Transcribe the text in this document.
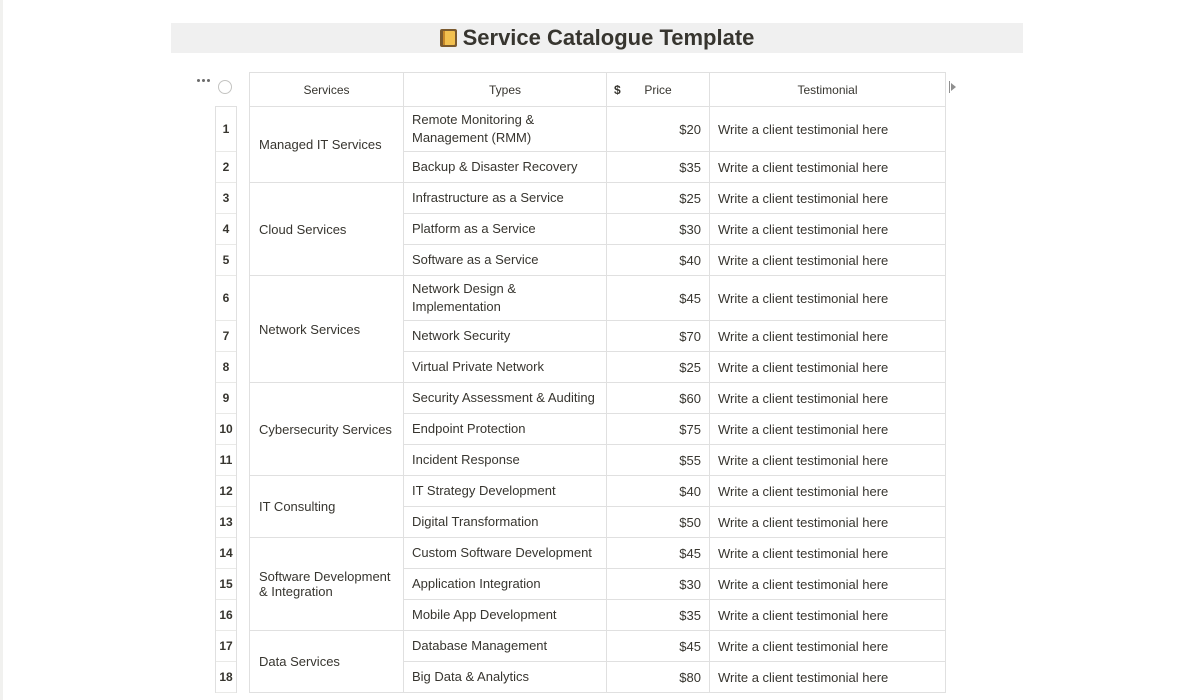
Service Catalogue Template
1
2
3
4
5
6
7
8
9
10
11
12
13
14
15
16
17
18
Services	Types	$ Price	Testimonial
Managed IT Services	Remote Monitoring & Management (RMM)	$20	Write a client testimonial here
	Backup & Disaster Recovery	$35	Write a client testimonial here
Cloud Services	Infrastructure as a Service	$25	Write a client testimonial here
	Platform as a Service	$30	Write a client testimonial here
	Software as a Service	$40	Write a client testimonial here
Network Services	Network Design & Implementation	$45	Write a client testimonial here
	Network Security	$70	Write a client testimonial here
	Virtual Private Network	$25	Write a client testimonial here
Cybersecurity Services	Security Assessment & Auditing	$60	Write a client testimonial here
	Endpoint Protection	$75	Write a client testimonial here
	Incident Response	$55	Write a client testimonial here
IT Consulting	IT Strategy Development	$40	Write a client testimonial here
	Digital Transformation	$50	Write a client testimonial here
Software Development & Integration	Custom Software Development	$45	Write a client testimonial here
	Application Integration	$30	Write a client testimonial here
	Mobile App Development	$35	Write a client testimonial here
Data Services	Database Management	$45	Write a client testimonial here
	Big Data & Analytics	$80	Write a client testimonial here
